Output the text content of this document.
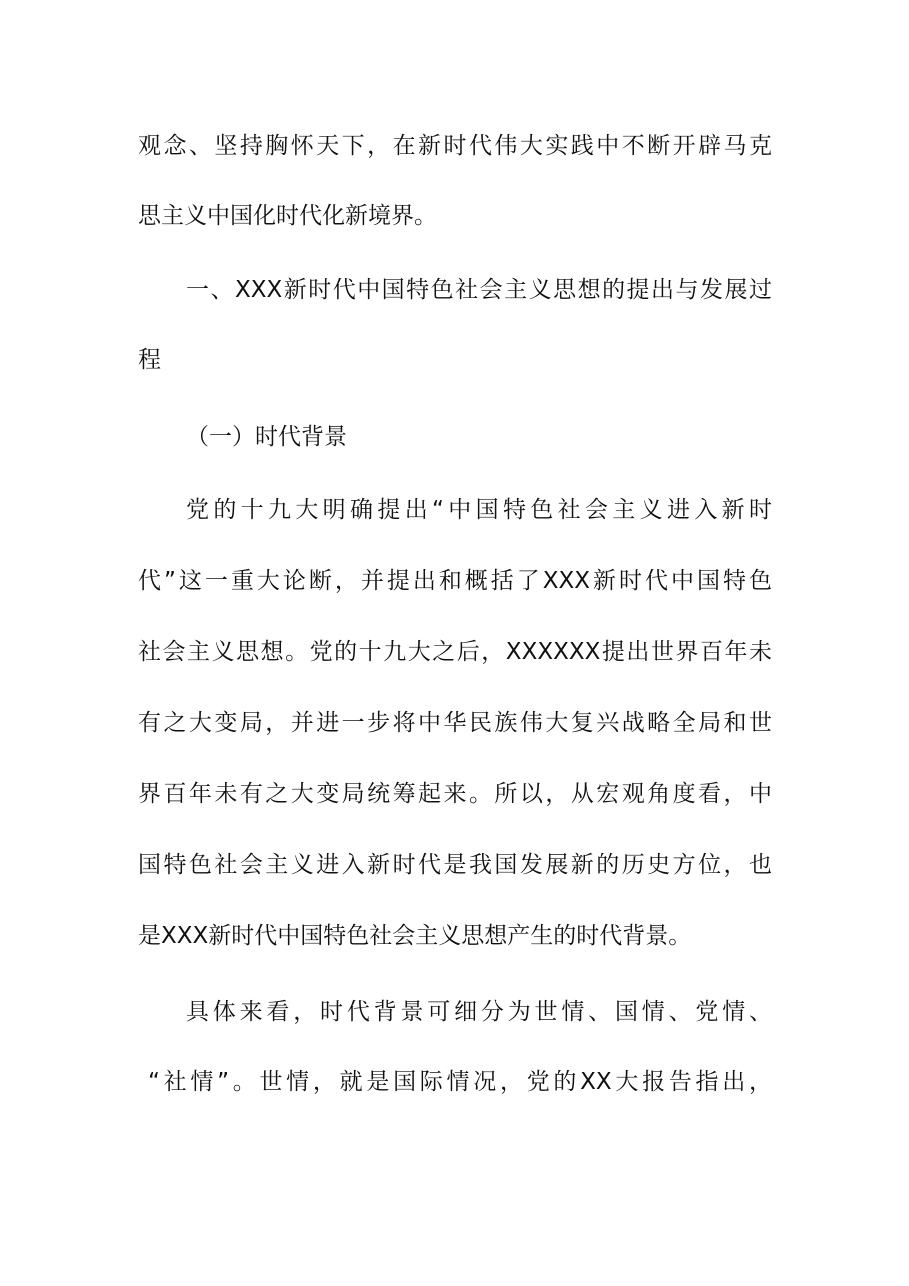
观念、坚持胸怀天下，在新时代伟大实践中不断开辟马克
思主义中国化时代化新境界。
一、XXX新时代中国特色社会主义思想的提出与发展过
程
（一）时代背景
党的十九大明确提出“中国特色社会主义进入新时
代”这一重大论断，并提出和概括了XXX新时代中国特色
社会主义思想。党的十九大之后，XXXXXX提出世界百年未
有之大变局，并进一步将中华民族伟大复兴战略全局和世
界百年未有之大变局统筹起来。所以，从宏观角度看，中
国特色社会主义进入新时代是我国发展新的历史方位，也
是XXX新时代中国特色社会主义思想产生的时代背景。
具体来看，时代背景可细分为世情、国情、党情、
“社情”。世情，就是国际情况，党的XX大报告指出，
